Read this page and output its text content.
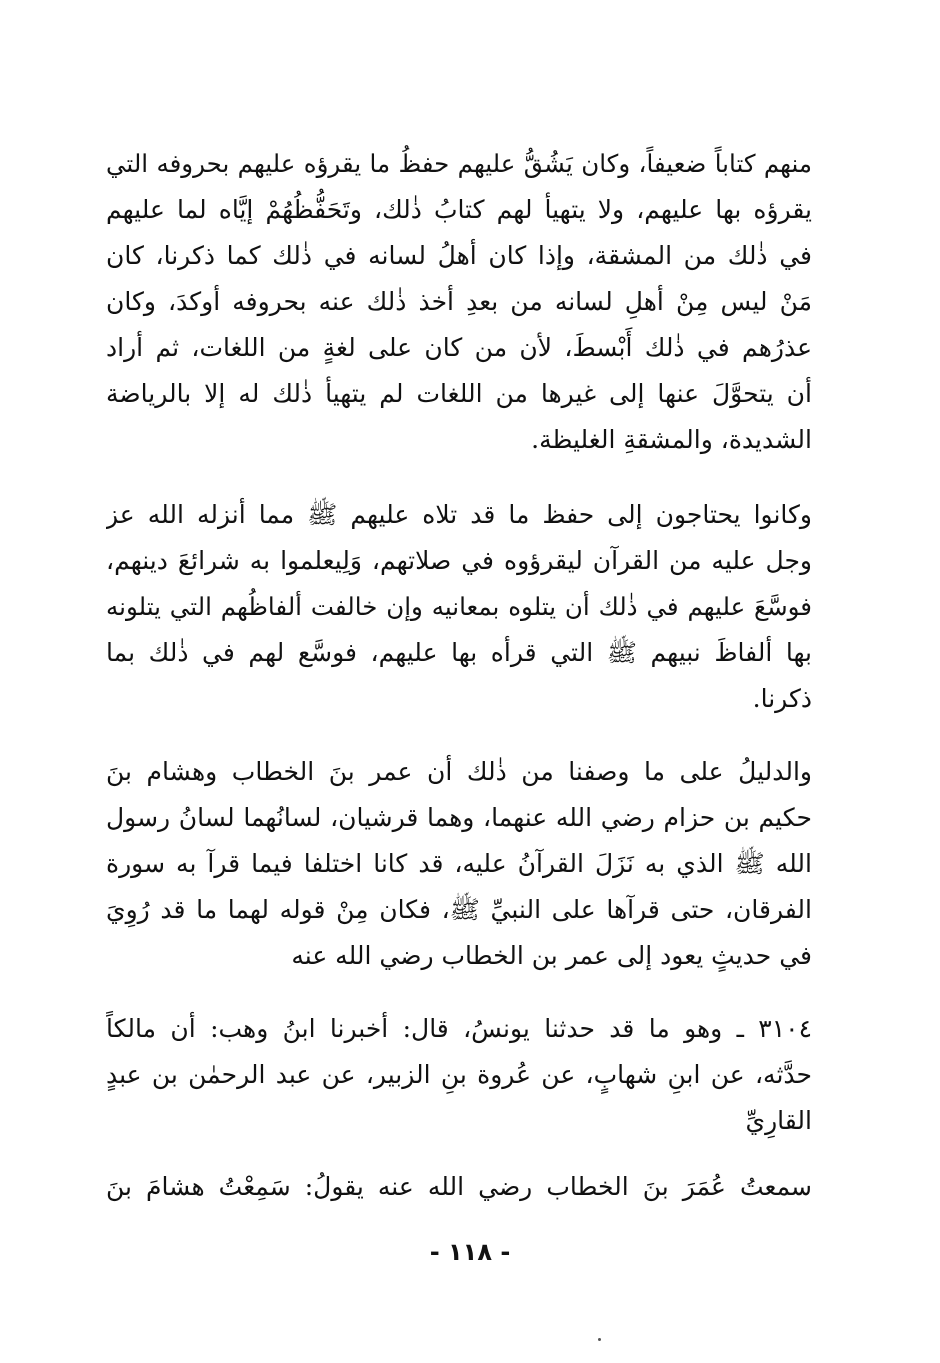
منهم كتاباً ضعيفاً، وكان يَشُقُّ عليهم حفظُ ما يقرؤه عليهم بحروفه التي
يقرؤه بها عليهم، ولا يتهيأ لهم كتابُ ذٰلك، وتَحَفُّظُهُمْ إيَّاه لما عليهم
في ذٰلك من المشقة، وإذا كان أهلُ لسانه في ذٰلك كما ذكرنا، كان
مَنْ ليس مِنْ أهلِ لسانه من بعدِ أخذ ذٰلك عنه بحروفه أوكدَ، وكان
عذرُهم في ذٰلك أَبْسطَ، لأن من كان على لغةٍ من اللغات، ثم أراد
أن يتحوَّلَ عنها إلى غيرها من اللغات لم يتهيأ ذٰلك له إلا بالرياضة
الشديدة، والمشقةِ الغليظة.
وكانوا يحتاجون إلى حفظ ما قد تلاه عليهم ﷺ مما أنزله الله عز
وجل عليه من القرآن ليقرؤوه في صلاتهم، وَلِيعلموا به شرائعَ دينهم،
فوسَّعَ عليهم في ذٰلك أن يتلوه بمعانيه وإن خالفت ألفاظُهم التي يتلونه
بها ألفاظَ نبيهم ﷺ التي قرأه بها عليهم، فوسَّع لهم في ذٰلك بما
ذكرنا.
والدليلُ على ما وصفنا من ذٰلك أن عمر بنَ الخطاب وهشام بنَ
حكيم بن حزام رضي الله عنهما، وهما قرشيان، لسانُهما لسانُ رسول
الله ﷺ الذي به نَزَلَ القرآنُ عليه، قد كانا اختلفا فيما قرآ به سورة
الفرقان، حتى قرآها على النبيِّ ﷺ، فكان مِنْ قوله لهما ما قد رُوِيَ
في حديثٍ يعود إلى عمر بن الخطاب رضي الله عنه
٣١٠٤ ـ وهو ما قد حدثنا يونسُ، قال: أخبرنا ابنُ وهب: أن مالكاً
حدَّثه، عن ابنِ شهابٍ، عن عُروة بنِ الزبير، عن عبد الرحمٰن بن عبدٍ
القارِيِّ
سمعتُ عُمَرَ بنَ الخطاب رضي الله عنه يقولُ: سَمِعْتُ هشامَ بنَ
- ١١٨ -
